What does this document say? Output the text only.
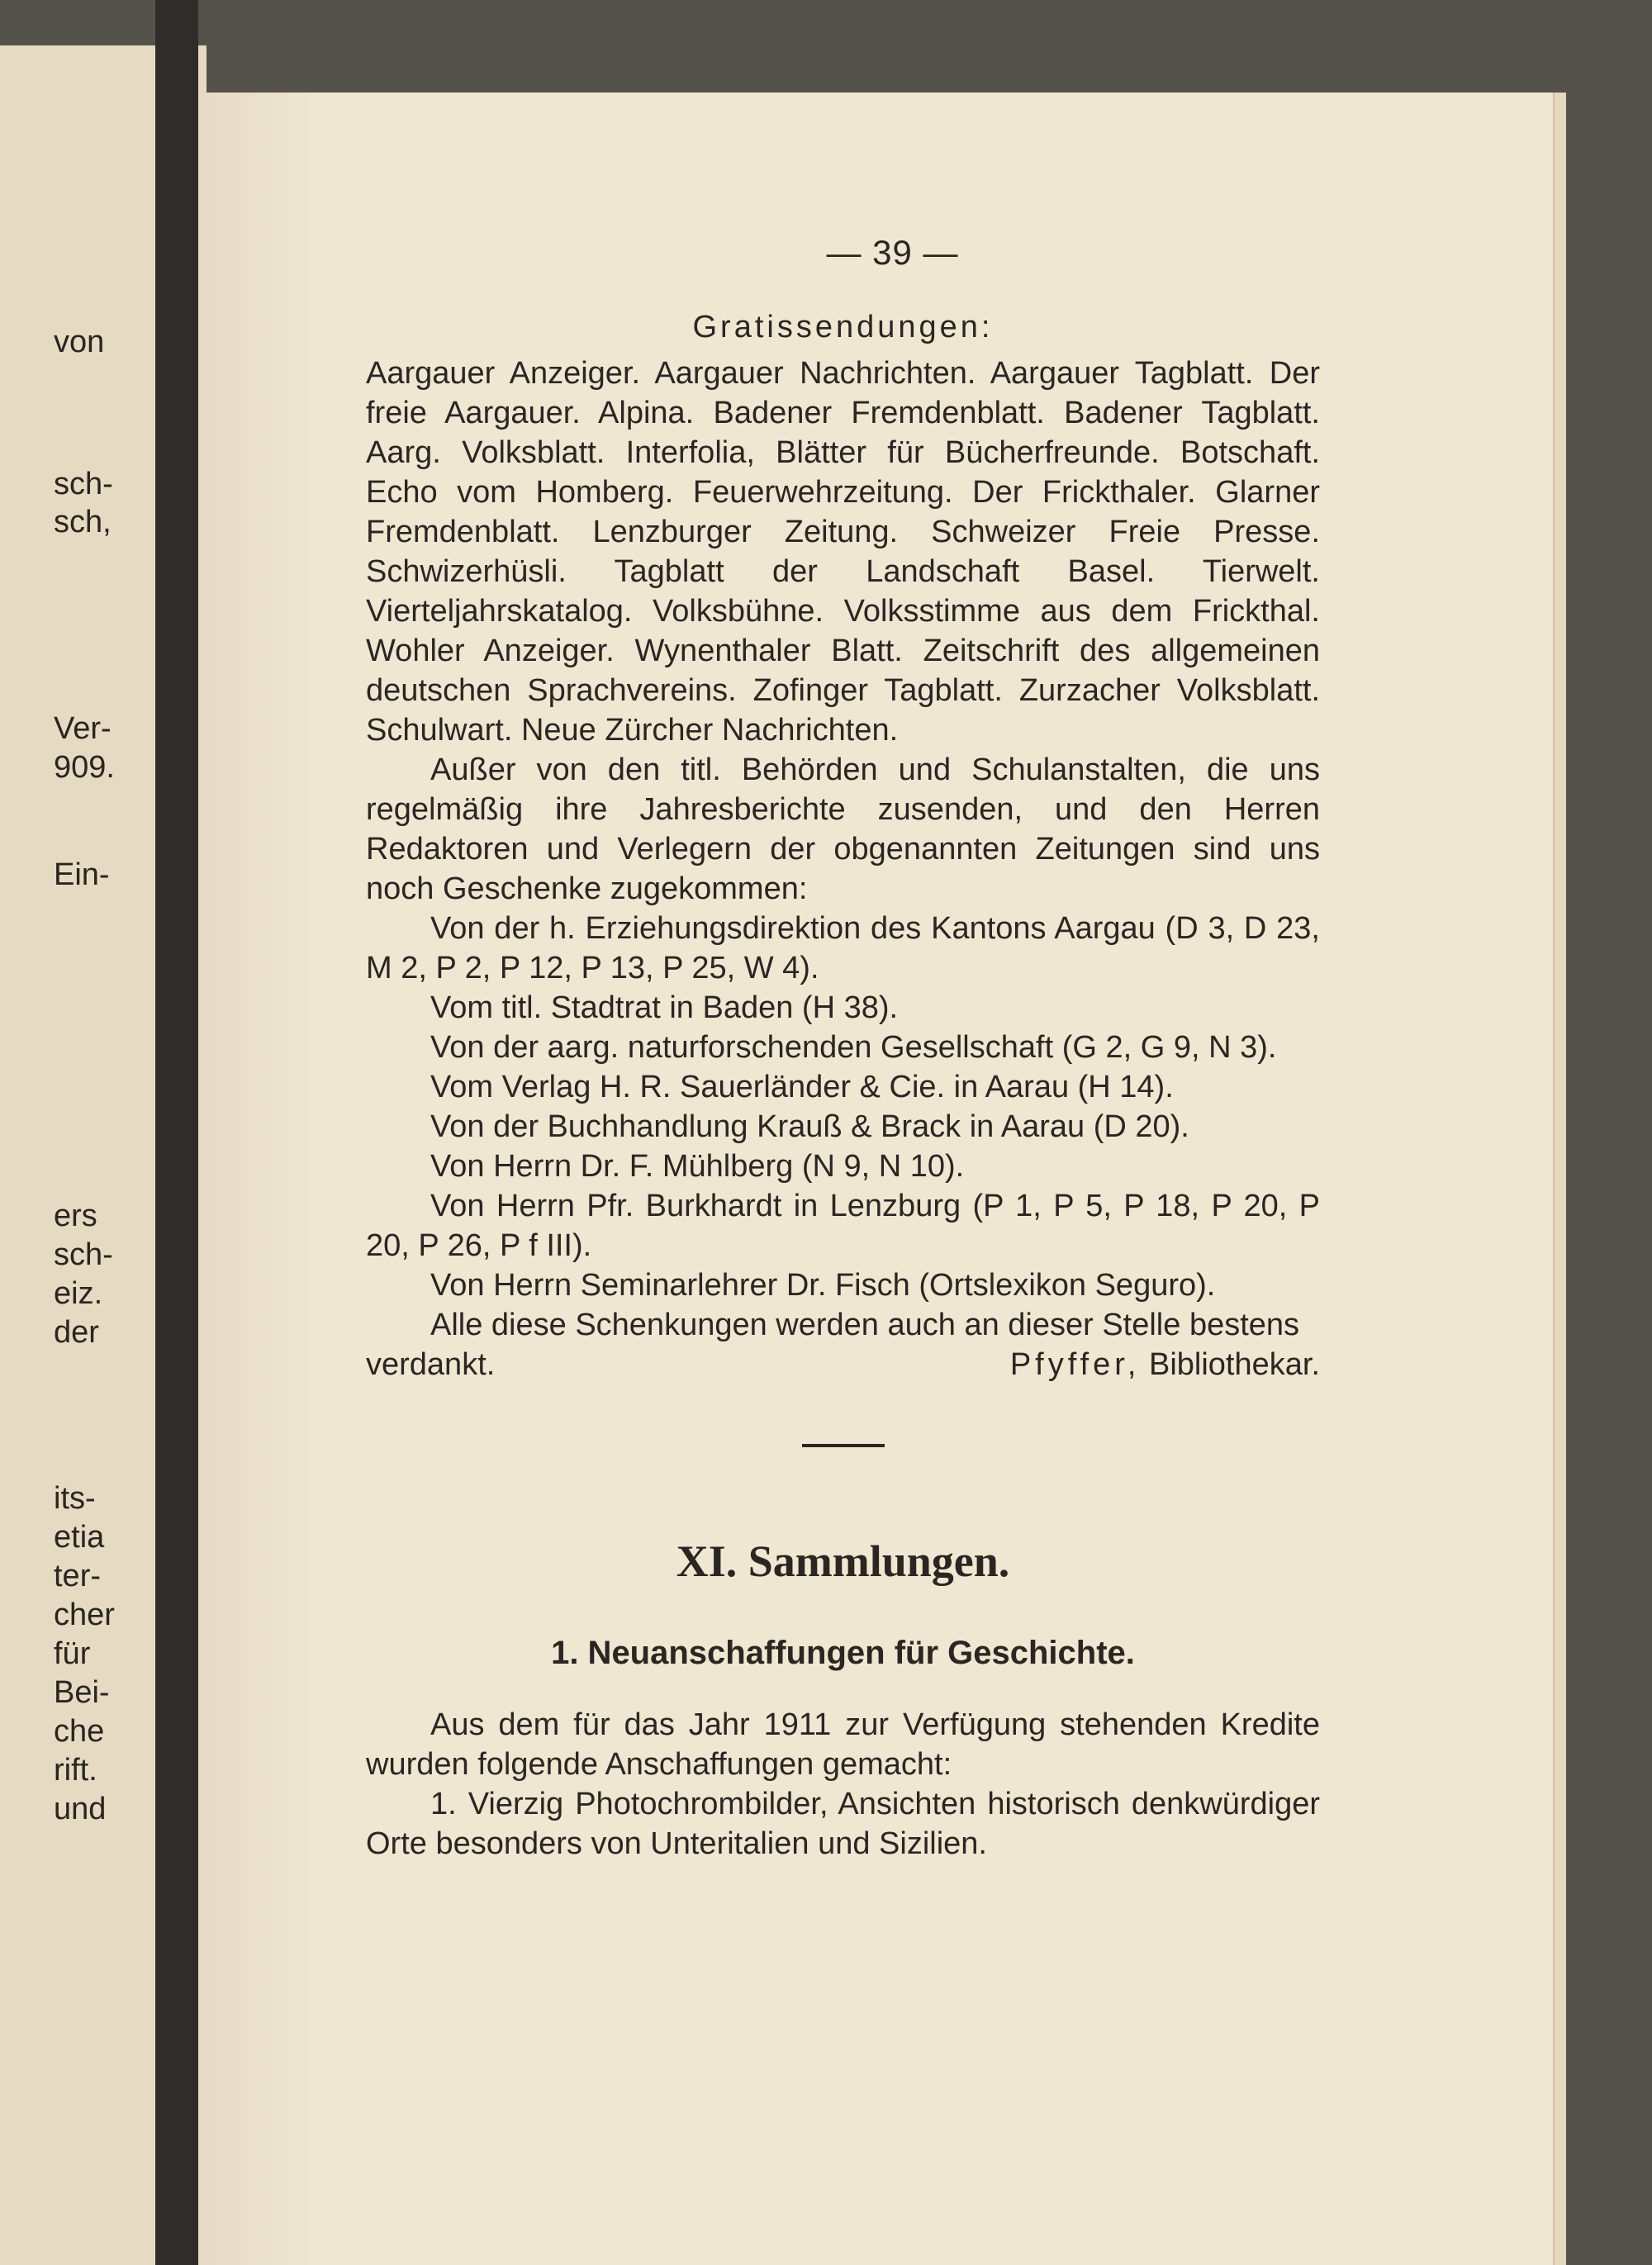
von
sch-
sch,
Ver-
909.
Ein-
ers
sch-
eiz.
der
its-
etia
ter-
cher
für
Bei-
che
rift.
und
— 39 —
Gratissendungen:

Aargauer Anzeiger. Aargauer Nachrichten. Aargauer Tagblatt. Der freie Aargauer. Alpina. Badener Fremdenblatt. Badener Tagblatt. Aarg. Volksblatt. Interfolia, Blätter für Bücherfreunde. Botschaft. Echo vom Homberg. Feuerwehrzeitung. Der Frickthaler. Glarner Fremdenblatt. Lenzburger Zeitung. Schweizer Freie Presse. Schwizerhüsli. Tagblatt der Landschaft Basel. Tierwelt. Vierteljahrskatalog. Volksbühne. Volksstimme aus dem Frickthal. Wohler Anzeiger. Wynenthaler Blatt. Zeitschrift des allgemeinen deutschen Sprachvereins. Zofinger Tagblatt. Zurzacher Volksblatt. Schulwart. Neue Zürcher Nachrichten.

Außer von den titl. Behörden und Schulanstalten, die uns regelmäßig ihre Jahresberichte zusenden, und den Herren Redaktoren und Verlegern der obgenannten Zeitungen sind uns noch Geschenke zugekommen:

Von der h. Erziehungsdirektion des Kantons Aargau (D 3, D 23, M 2, P 2, P 12, P 13, P 25, W 4).

Vom titl. Stadtrat in Baden (H 38).

Von der aarg. naturforschenden Gesellschaft (G 2, G 9, N 3).

Vom Verlag H. R. Sauerländer & Cie. in Aarau (H 14).

Von der Buchhandlung Krauß & Brack in Aarau (D 20).

Von Herrn Dr. F. Mühlberg (N 9, N 10).

Von Herrn Pfr. Burkhardt in Lenzburg (P 1, P 5, P 18, P 20, P 20, P 26, P f III).

Von Herrn Seminarlehrer Dr. Fisch (Ortslexikon Seguro).

Alle diese Schenkungen werden auch an dieser Stelle bestens

verdankt.	Pfyffer, Bibliothekar.
XI. Sammlungen.
1. Neuanschaffungen für Geschichte.

Aus dem für das Jahr 1911 zur Verfügung stehenden Kredite wurden folgende Anschaffungen gemacht:

1. Vierzig Photochrombilder, Ansichten historisch denkwürdiger Orte besonders von Unteritalien und Sizilien.
